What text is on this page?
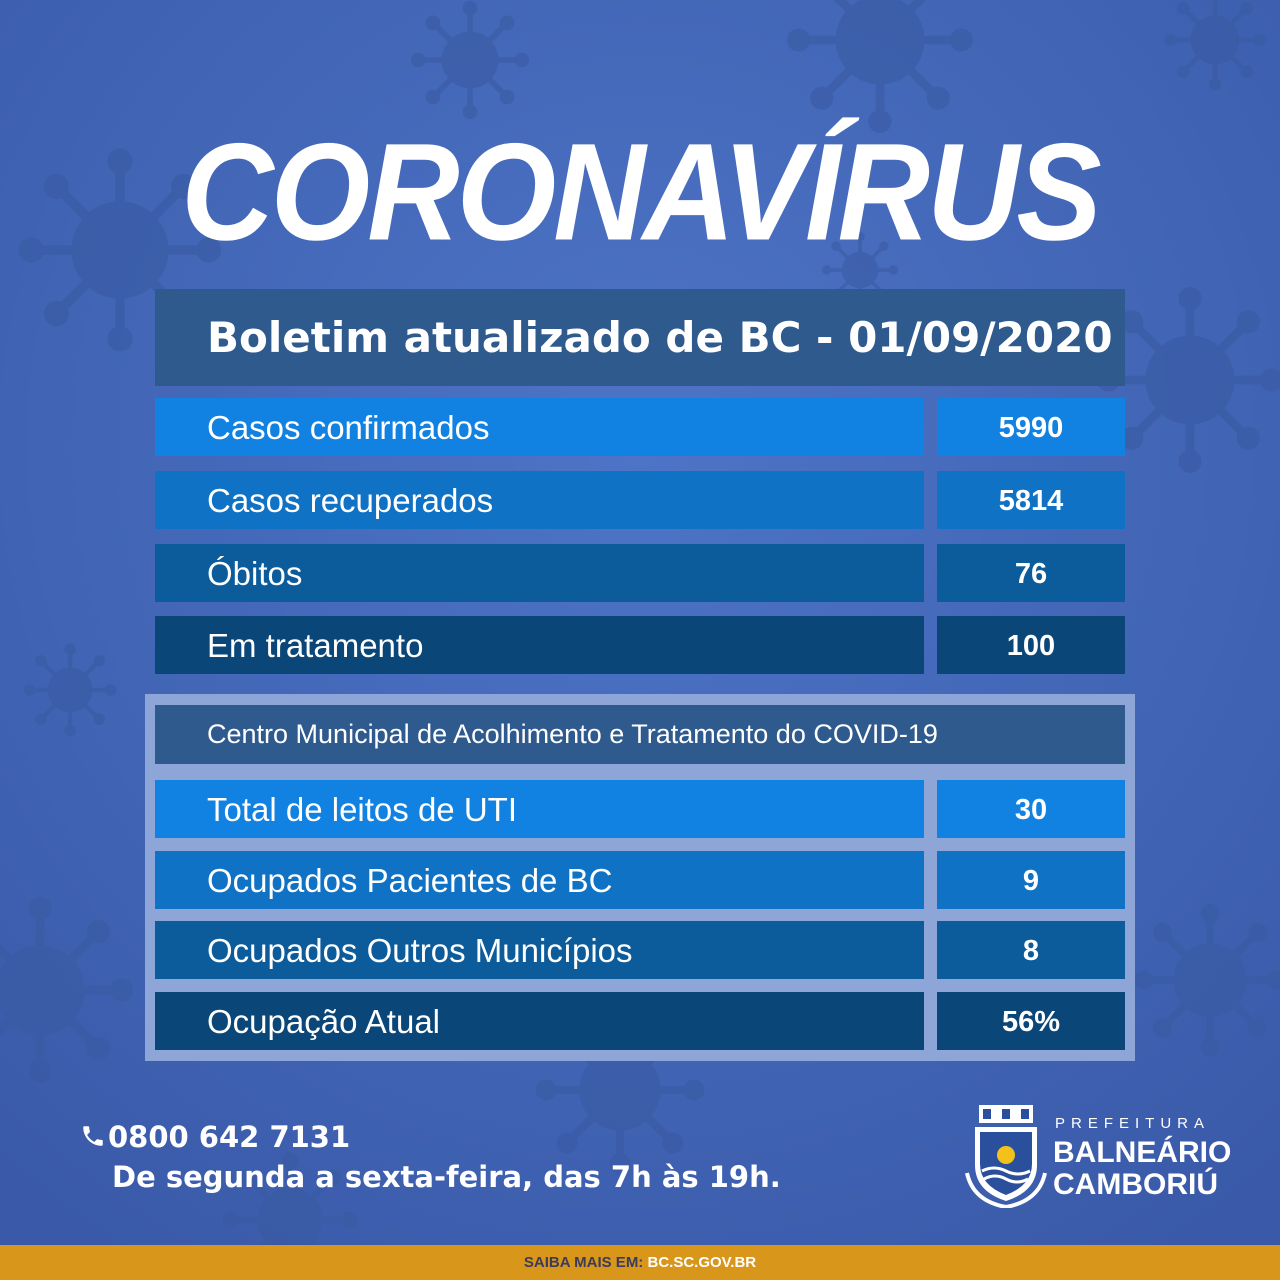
CORONAVÍRUS
Boletim atualizado de BC - 01/09/2020
Casos confirmados	5990
Casos recuperados	5814
Óbitos	76
Em tratamento	100
Centro Municipal de Acolhimento e Tratamento do COVID-19
Total de leitos de UTI	30
Ocupados Pacientes de BC	9
Ocupados Outros Municípios	8
Ocupação Atual	56%
0800 642 7131
De segunda a sexta-feira, das 7h às 19h.
PREFEITURA
BALNEÁRIO
CAMBORIÚ
SAIBA MAIS EM: BC.SC.GOV.BR
